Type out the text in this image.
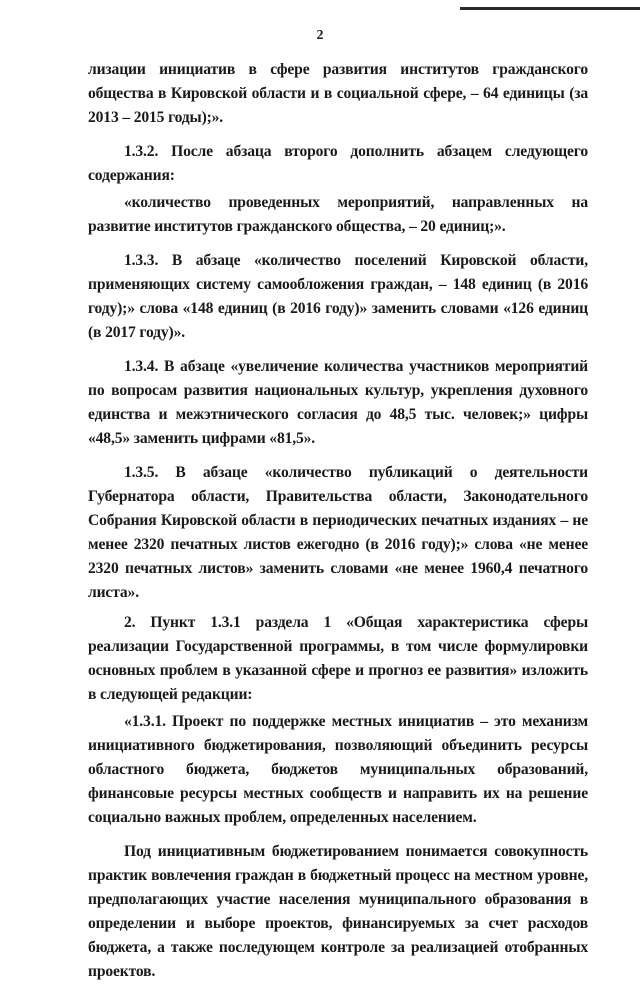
2

лизации инициатив в сфере развития институтов гражданского общества в Кировской области и в социальной сфере, – 64 единицы (за 2013 – 2015 годы);».

1.3.2. После абзаца второго дополнить абзацем следующего содержания:

«количество проведенных мероприятий, направленных на развитие институтов гражданского общества, – 20 единиц;».

1.3.3. В абзаце «количество поселений Кировской области, применяющих систему самообложения граждан, – 148 единиц (в 2016 году);» слова «148 единиц (в 2016 году)» заменить словами «126 единиц (в 2017 году)».

1.3.4. В абзаце «увеличение количества участников мероприятий по вопросам развития национальных культур, укрепления духовного единства и межэтнического согласия до 48,5 тыс. человек;» цифры «48,5» заменить цифрами «81,5».

1.3.5. В абзаце «количество публикаций о деятельности Губернатора области, Правительства области, Законодательного Собрания Кировской области в периодических печатных изданиях – не менее 2320 печатных листов ежегодно (в 2016 году);» слова «не менее 2320 печатных листов» заменить словами «не менее 1960,4 печатного листа».

2. Пункт 1.3.1 раздела 1 «Общая характеристика сферы реализации Государственной программы, в том числе формулировки основных проблем в указанной сфере и прогноз ее развития» изложить в следующей редакции:

«1.3.1. Проект по поддержке местных инициатив – это механизм инициативного бюджетирования, позволяющий объединить ресурсы областного бюджета, бюджетов муниципальных образований, финансовые ресурсы местных сообществ и направить их на решение социально важных проблем, определенных населением.

Под инициативным бюджетированием понимается совокупность практик вовлечения граждан в бюджетный процесс на местном уровне, предполагающих участие населения муниципального образования в определении и выборе проектов, финансируемых за счет расходов бюджета, а также последующем контроле за реализацией отобранных проектов.
